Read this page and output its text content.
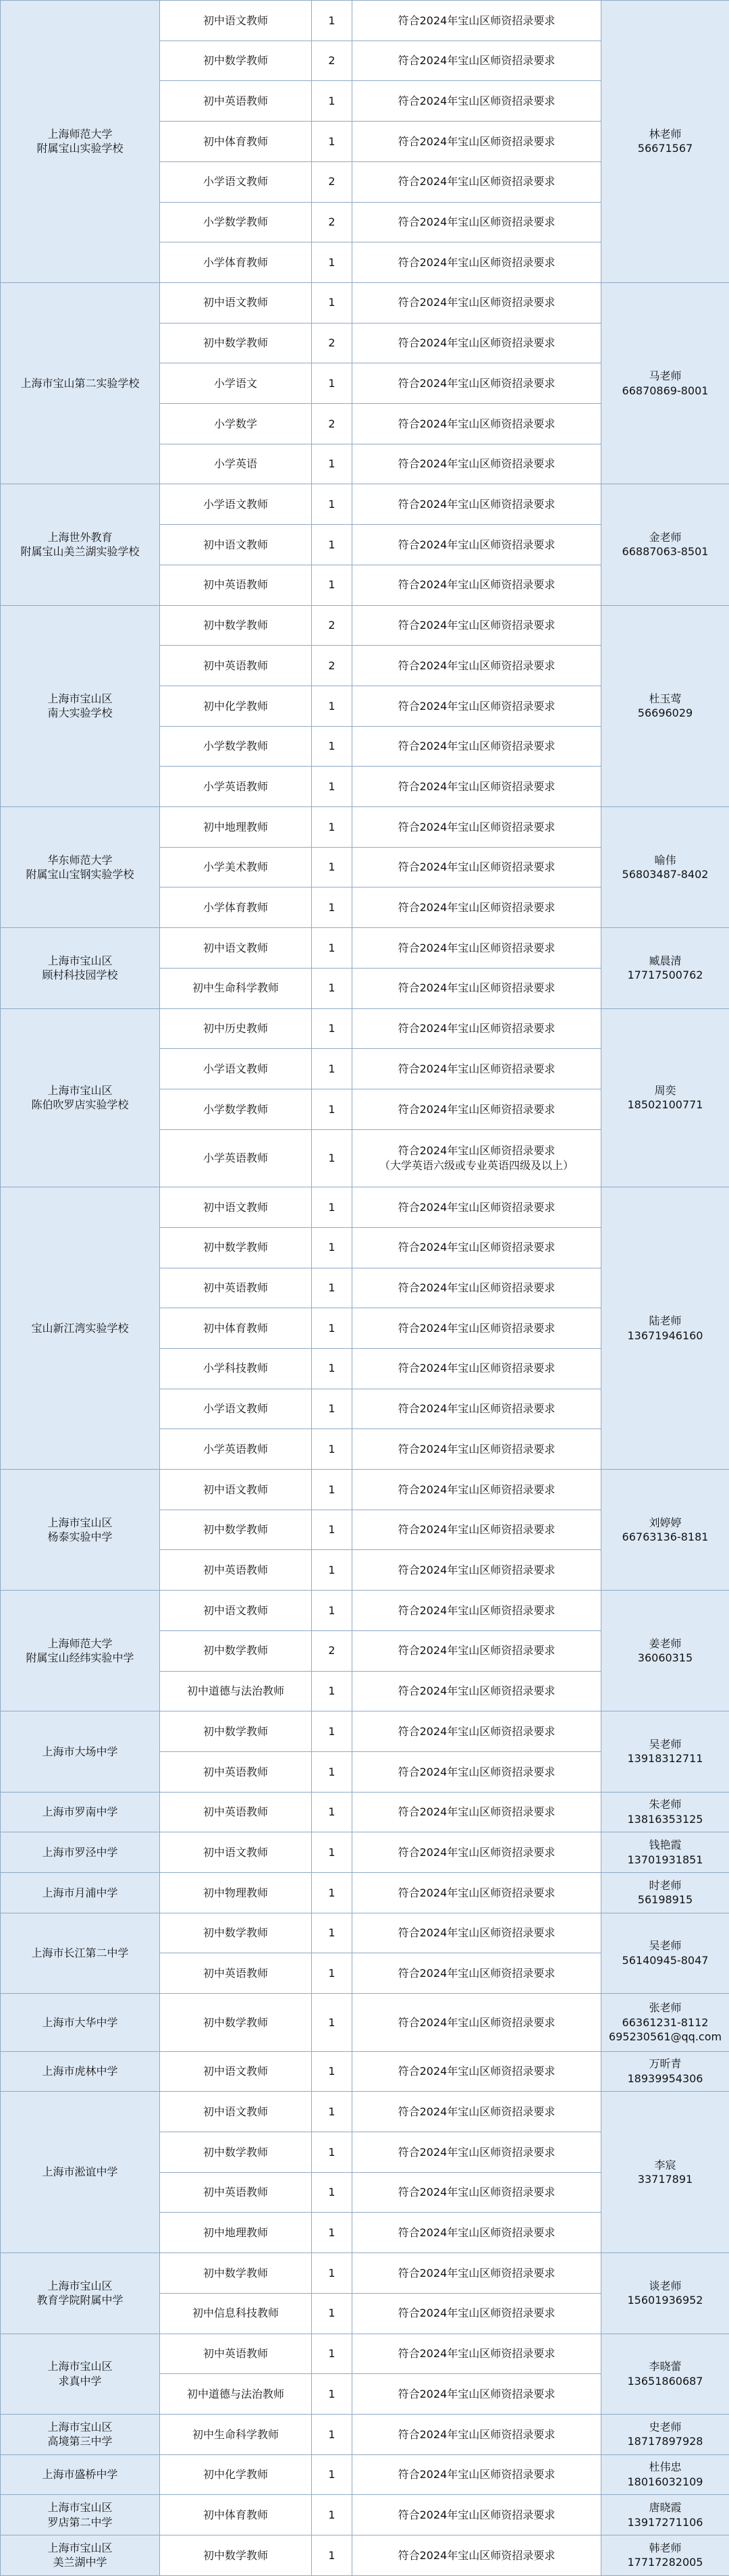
上海师范大学
附属宝山实验学校	初中语文教师	1	符合2024年宝山区师资招录要求	林老师
56671567
	初中数学教师	2	符合2024年宝山区师资招录要求	
	初中英语教师	1	符合2024年宝山区师资招录要求	
	初中体育教师	1	符合2024年宝山区师资招录要求	
	小学语文教师	2	符合2024年宝山区师资招录要求	
	小学数学教师	2	符合2024年宝山区师资招录要求	
	小学体育教师	1	符合2024年宝山区师资招录要求	
上海市宝山第二实验学校	初中语文教师	1	符合2024年宝山区师资招录要求	马老师
66870869-8001
	初中数学教师	2	符合2024年宝山区师资招录要求	
	小学语文	1	符合2024年宝山区师资招录要求	
	小学数学	2	符合2024年宝山区师资招录要求	
	小学英语	1	符合2024年宝山区师资招录要求	
上海世外教育
附属宝山美兰湖实验学校	小学语文教师	1	符合2024年宝山区师资招录要求	金老师
66887063-8501
	初中语文教师	1	符合2024年宝山区师资招录要求	
	初中英语教师	1	符合2024年宝山区师资招录要求	
上海市宝山区
南大实验学校	初中数学教师	2	符合2024年宝山区师资招录要求	杜玉莺
56696029
	初中英语教师	2	符合2024年宝山区师资招录要求	
	初中化学教师	1	符合2024年宝山区师资招录要求	
	小学数学教师	1	符合2024年宝山区师资招录要求	
	小学英语教师	1	符合2024年宝山区师资招录要求	
华东师范大学
附属宝山宝钢实验学校	初中地理教师	1	符合2024年宝山区师资招录要求	喻伟
56803487-8402
	小学美术教师	1	符合2024年宝山区师资招录要求	
	小学体育教师	1	符合2024年宝山区师资招录要求	
上海市宝山区
顾村科技园学校	初中语文教师	1	符合2024年宝山区师资招录要求	臧晨清
17717500762
	初中生命科学教师	1	符合2024年宝山区师资招录要求	
上海市宝山区
陈伯吹罗店实验学校	初中历史教师	1	符合2024年宝山区师资招录要求	周奕
18502100771
	小学语文教师	1	符合2024年宝山区师资招录要求	
	小学数学教师	1	符合2024年宝山区师资招录要求	
	小学英语教师	1	符合2024年宝山区师资招录要求
（大学英语六级或专业英语四级及以上）	
宝山新江湾实验学校	初中语文教师	1	符合2024年宝山区师资招录要求	陆老师
13671946160
	初中数学教师	1	符合2024年宝山区师资招录要求	
	初中英语教师	1	符合2024年宝山区师资招录要求	
	初中体育教师	1	符合2024年宝山区师资招录要求	
	小学科技教师	1	符合2024年宝山区师资招录要求	
	小学语文教师	1	符合2024年宝山区师资招录要求	
	小学英语教师	1	符合2024年宝山区师资招录要求	
上海市宝山区
杨泰实验中学	初中语文教师	1	符合2024年宝山区师资招录要求	刘婷婷
66763136-8181
	初中数学教师	1	符合2024年宝山区师资招录要求	
	初中英语教师	1	符合2024年宝山区师资招录要求	
上海师范大学
附属宝山经纬实验中学	初中语文教师	1	符合2024年宝山区师资招录要求	姜老师
36060315
	初中数学教师	2	符合2024年宝山区师资招录要求	
	初中道德与法治教师	1	符合2024年宝山区师资招录要求	
上海市大场中学	初中数学教师	1	符合2024年宝山区师资招录要求	吴老师
13918312711
	初中英语教师	1	符合2024年宝山区师资招录要求	
上海市罗南中学	初中英语教师	1	符合2024年宝山区师资招录要求	朱老师
13816353125
上海市罗泾中学	初中语文教师	1	符合2024年宝山区师资招录要求	钱艳霞
13701931851
上海市月浦中学	初中物理教师	1	符合2024年宝山区师资招录要求	时老师
56198915
上海市长江第二中学	初中数学教师	1	符合2024年宝山区师资招录要求	吴老师
56140945-8047
	初中英语教师	1	符合2024年宝山区师资招录要求	
上海市大华中学	初中数学教师	1	符合2024年宝山区师资招录要求	张老师
66361231-8112
695230561@qq.com
上海市虎林中学	初中语文教师	1	符合2024年宝山区师资招录要求	万昕青
18939954306
上海市淞谊中学	初中语文教师	1	符合2024年宝山区师资招录要求	李宸
33717891
	初中数学教师	1	符合2024年宝山区师资招录要求	
	初中英语教师	1	符合2024年宝山区师资招录要求	
	初中地理教师	1	符合2024年宝山区师资招录要求	
上海市宝山区
教育学院附属中学	初中数学教师	1	符合2024年宝山区师资招录要求	谈老师
15601936952
	初中信息科技教师	1	符合2024年宝山区师资招录要求	
上海市宝山区
求真中学	初中英语教师	1	符合2024年宝山区师资招录要求	李晓蕾
13651860687
	初中道德与法治教师	1	符合2024年宝山区师资招录要求	
上海市宝山区
高境第三中学	初中生命科学教师	1	符合2024年宝山区师资招录要求	史老师
18717897928
上海市盛桥中学	初中化学教师	1	符合2024年宝山区师资招录要求	杜伟忠
18016032109
上海市宝山区
罗店第二中学	初中体育教师	1	符合2024年宝山区师资招录要求	唐晓霞
13917271106
上海市宝山区
美兰湖中学	初中数学教师	1	符合2024年宝山区师资招录要求	韩老师
17717282005
